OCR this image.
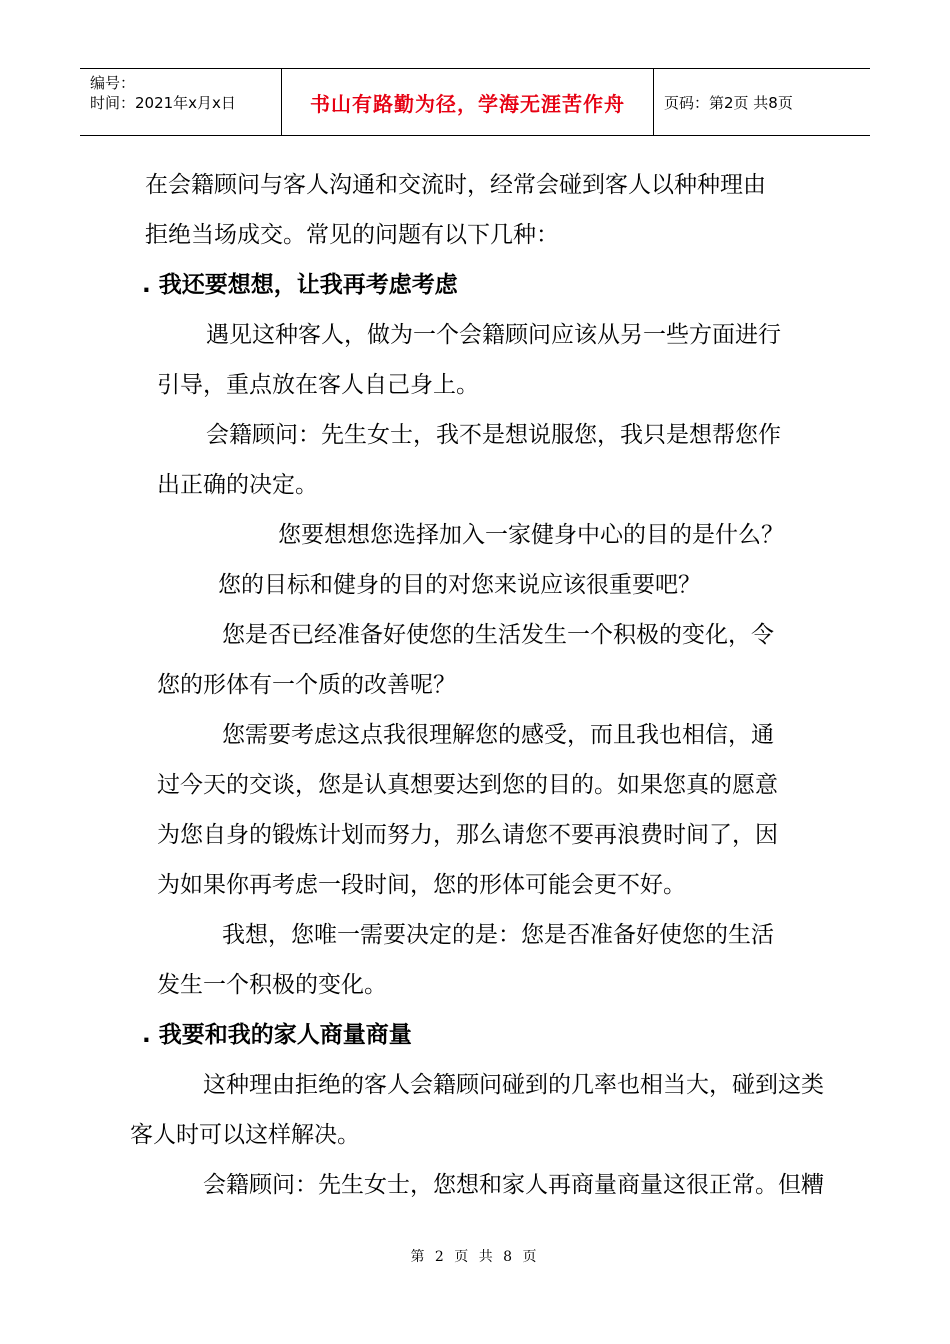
编号：
时间：2021年x月x日	书山有路勤为径，学海无涯苦作舟	页码：第2页 共8页

在会籍顾问与客人沟通和交流时，经常会碰到客人以种种理由

拒绝当场成交。常见的问题有以下几种：

. 我还要想想，让我再考虑考虑

遇见这种客人，做为一个会籍顾问应该从另一些方面进行

引导，重点放在客人自己身上。

会籍顾问：先生女士，我不是想说服您，我只是想帮您作

出正确的决定。

您要想想您选择加入一家健身中心的目的是什么？

您的目标和健身的目的对您来说应该很重要吧？

您是否已经准备好使您的生活发生一个积极的变化，令

您的形体有一个质的改善呢？

您需要考虑这点我很理解您的感受，而且我也相信，通

过今天的交谈，您是认真想要达到您的目的。如果您真的愿意

为您自身的锻炼计划而努力，那么请您不要再浪费时间了，因

为如果你再考虑一段时间，您的形体可能会更不好。

我想，您唯一需要决定的是：您是否准备好使您的生活

发生一个积极的变化。

. 我要和我的家人商量商量

这种理由拒绝的客人会籍顾问碰到的几率也相当大，碰到这类

客人时可以这样解决。

会籍顾问：先生女士，您想和家人再商量商量这很正常。但糟

第 2 页 共 8 页
